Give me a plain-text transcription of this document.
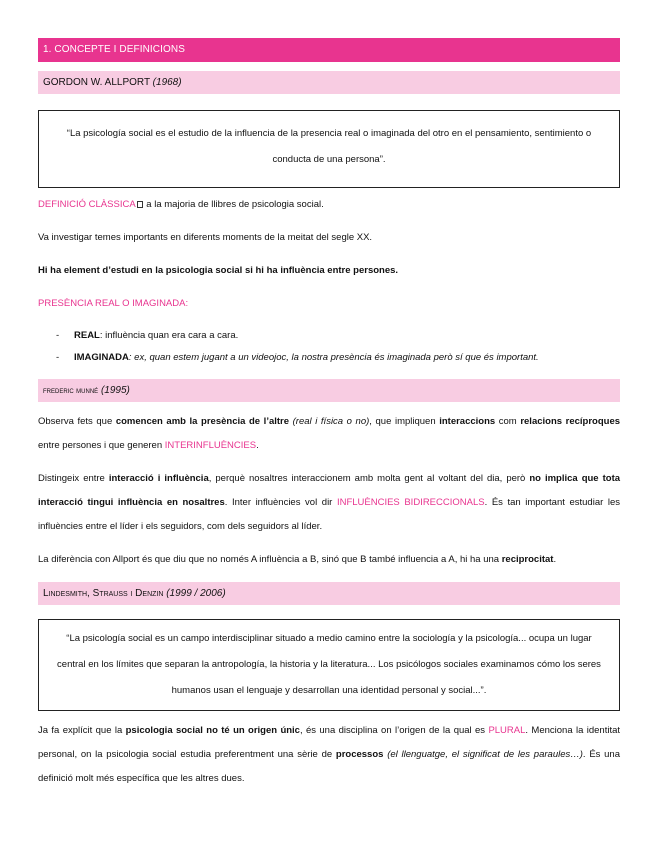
1. CONCEPTE I DEFINICIONS
GORDON W. ALLPORT (1968)
“La psicología social es el estudio de la influencia de la presencia real o imaginada del otro en el pensamiento, sentimiento o conducta de una persona”.

DEFINICIÓ CLÀSSICA a la majoria de llibres de psicologia social.

Va investigar temes importants en diferents moments de la meitat del segle XX.

Hi ha element d’estudi en la psicologia social si hi ha influència entre persones.

PRESÈNCIA REAL O IMAGINADA:

- REAL: influència quan era cara a cara.
- IMAGINADA: ex, quan estem jugant a un videojoc, la nostra presència és imaginada però sí que és important.
frederic munné (1995)

Observa fets que comencen amb la presència de l’altre (real i física o no), que impliquen interaccions com relacions recíproques entre persones i que generen INTERINFLUÈNCIES.

Distingeix entre interacció i influència, perquè nosaltres interaccionem amb molta gent al voltant del dia, però no implica que tota interacció tingui influència en nosaltres. Inter influències vol dir INFLUÈNCIES BIDIRECCIONALS. És tan important estudiar les influències entre el líder i els seguidors, com dels seguidors al líder.

La diferència con Allport és que diu que no només A influència a B, sinó que B també influencia a A, hi ha una reciprocitat.

Lindesmith, Strauss i Denzin (1999 / 2006)
“La psicología social es un campo interdisciplinar situado a medio camino entre la sociología y la psicología... ocupa un lugar central en los límites que separan la antropología, la historia y la literatura... Los psicólogos sociales examinamos cómo los seres humanos usan el lenguaje y desarrollan una identidad personal y social...”.

Ja fa explícit que la psicologia social no té un origen únic, és una disciplina on l’origen de la qual es PLURAL. Menciona la identitat personal, on la psicologia social estudia preferentment una sèrie de processos (el llenguatge, el significat de les paraules…). És una definició molt més específica que les altres dues.
